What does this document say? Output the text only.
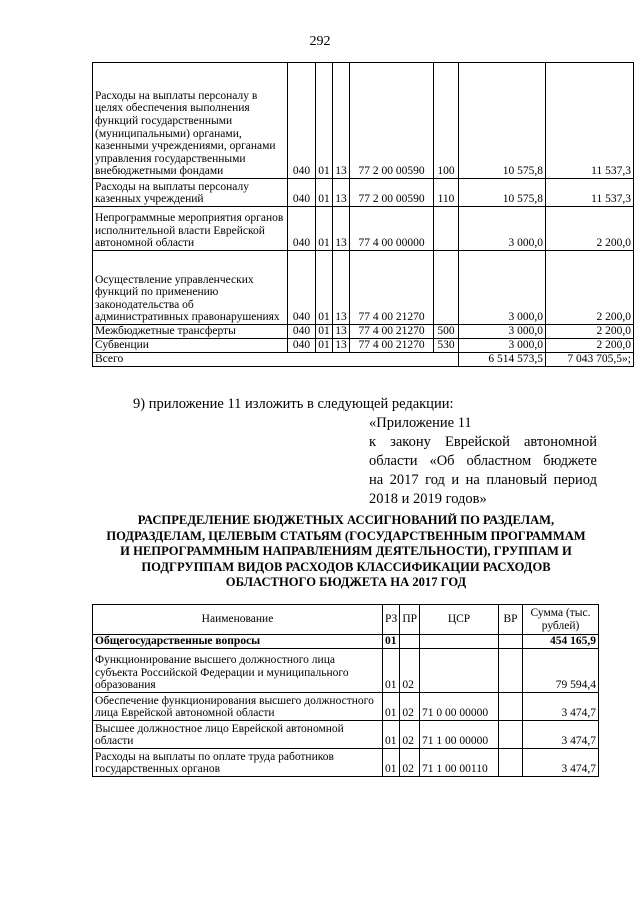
292
Расходы на выплаты персоналу в целях обеспечения выполнения функций государственными (муниципальными) органами, казенными учреждениями, органами управления государственными внебюджетными фондами	040	01	13	77 2 00 00590	100	10 575,8	11 537,3
Расходы на выплаты персоналу казенных учреждений	040	01	13	77 2 00 00590	110	10 575,8	11 537,3
Непрограммные мероприятия органов исполнительной власти Еврейской автономной области	040	01	13	77 4 00 00000		3 000,0	2 200,0
Осуществление управленческих функций по применению законодательства об административных правонарушениях	040	01	13	77 4 00 21270		3 000,0	2 200,0
Межбюджетные трансферты	040	01	13	77 4 00 21270	500	3 000,0	2 200,0
Субвенции	040	01	13	77 4 00 21270	530	3 000,0	2 200,0
Всего						6 514 573,5	7 043 705,5»;
9) приложение 11 изложить в следующей редакции:
«Приложение 11
к закону Еврейской автономной
области «Об областном бюджете
на 2017 год и на плановый период
2018 и 2019 годов»
РАСПРЕДЕЛЕНИЕ БЮДЖЕТНЫХ АССИГНОВАНИЙ ПО РАЗДЕЛАМ,
ПОДРАЗДЕЛАМ, ЦЕЛЕВЫМ СТАТЬЯМ (ГОСУДАРСТВЕННЫМ ПРОГРАММАМ
И НЕПРОГРАММНЫМ НАПРАВЛЕНИЯМ ДЕЯТЕЛЬНОСТИ), ГРУППАМ И
ПОДГРУППАМ ВИДОВ РАСХОДОВ КЛАССИФИКАЦИИ РАСХОДОВ
ОБЛАСТНОГО БЮДЖЕТА НА 2017 ГОД
Наименование	РЗ	ПР	ЦСР	ВР	Сумма (тыс. рублей)
Общегосударственные вопросы	01				454 165,9
Функционирование высшего должностного лица субъекта Российской Федерации и муниципального образования	01	02			79 594,4
Обеспечение функционирования высшего должностного лица Еврейской автономной области	01	02	71 0 00 00000		3 474,7
Высшее должностное лицо Еврейской автономной области	01	02	71 1 00 00000		3 474,7
Расходы на выплаты по оплате труда работников государственных органов	01	02	71 1 00 00110		3 474,7
